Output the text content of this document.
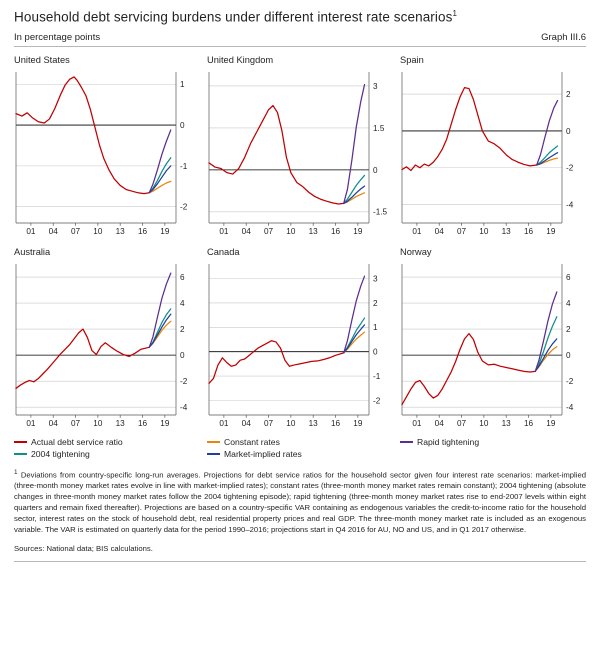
Household debt servicing burdens under different interest rate scenarios$^1$
In percentage points	Graph III.6
United States
-2
-1
0
1
01 04 07 10 13 16 19
United Kingdom
-1.5
0
1.5
3
01 04 07 10 13 16 19
Spain
-4
-2
0
2
01 04 07 10 13 16 19
Australia
-4
-2
0
2
4
6
01 04 07 10 13 16 19
Canada
-2
-1
0
1
2
3
01 04 07 10 13 16 19
Norway
-4
-2
0
2
4
6
01 04 07 10 13 16 19
Actual debt service ratio	Constant rates	Rapid tightening
2004 tightening	Market-implied rates
$^1$ Deviations from country-specific long-run averages. Projections for debt service ratios for the household sector given four interest rate scenarios: market-implied (three-month money market rates evolve in line with market-implied rates); constant rates (three-month money market rates remain constant); 2004 tightening (absolute changes in three-month money market rates follow the 2004 tightening episode); rapid tightening (three-month money market rates rise to end-2007 levels within eight quarters and remain fixed thereafter). Projections are based on a country-specific VAR containing as endogenous variables the credit-to-income ratio for the household sector, interest rates on the stock of household debt, real residential property prices and real GDP. The three-month money market rate is included as an exogenous variable. The VAR is estimated on quarterly data for the period 1990–2016; projections start in Q4 2016 for AU, NO and US, and in Q1 2017 otherwise.
Sources: National data; BIS calculations.
